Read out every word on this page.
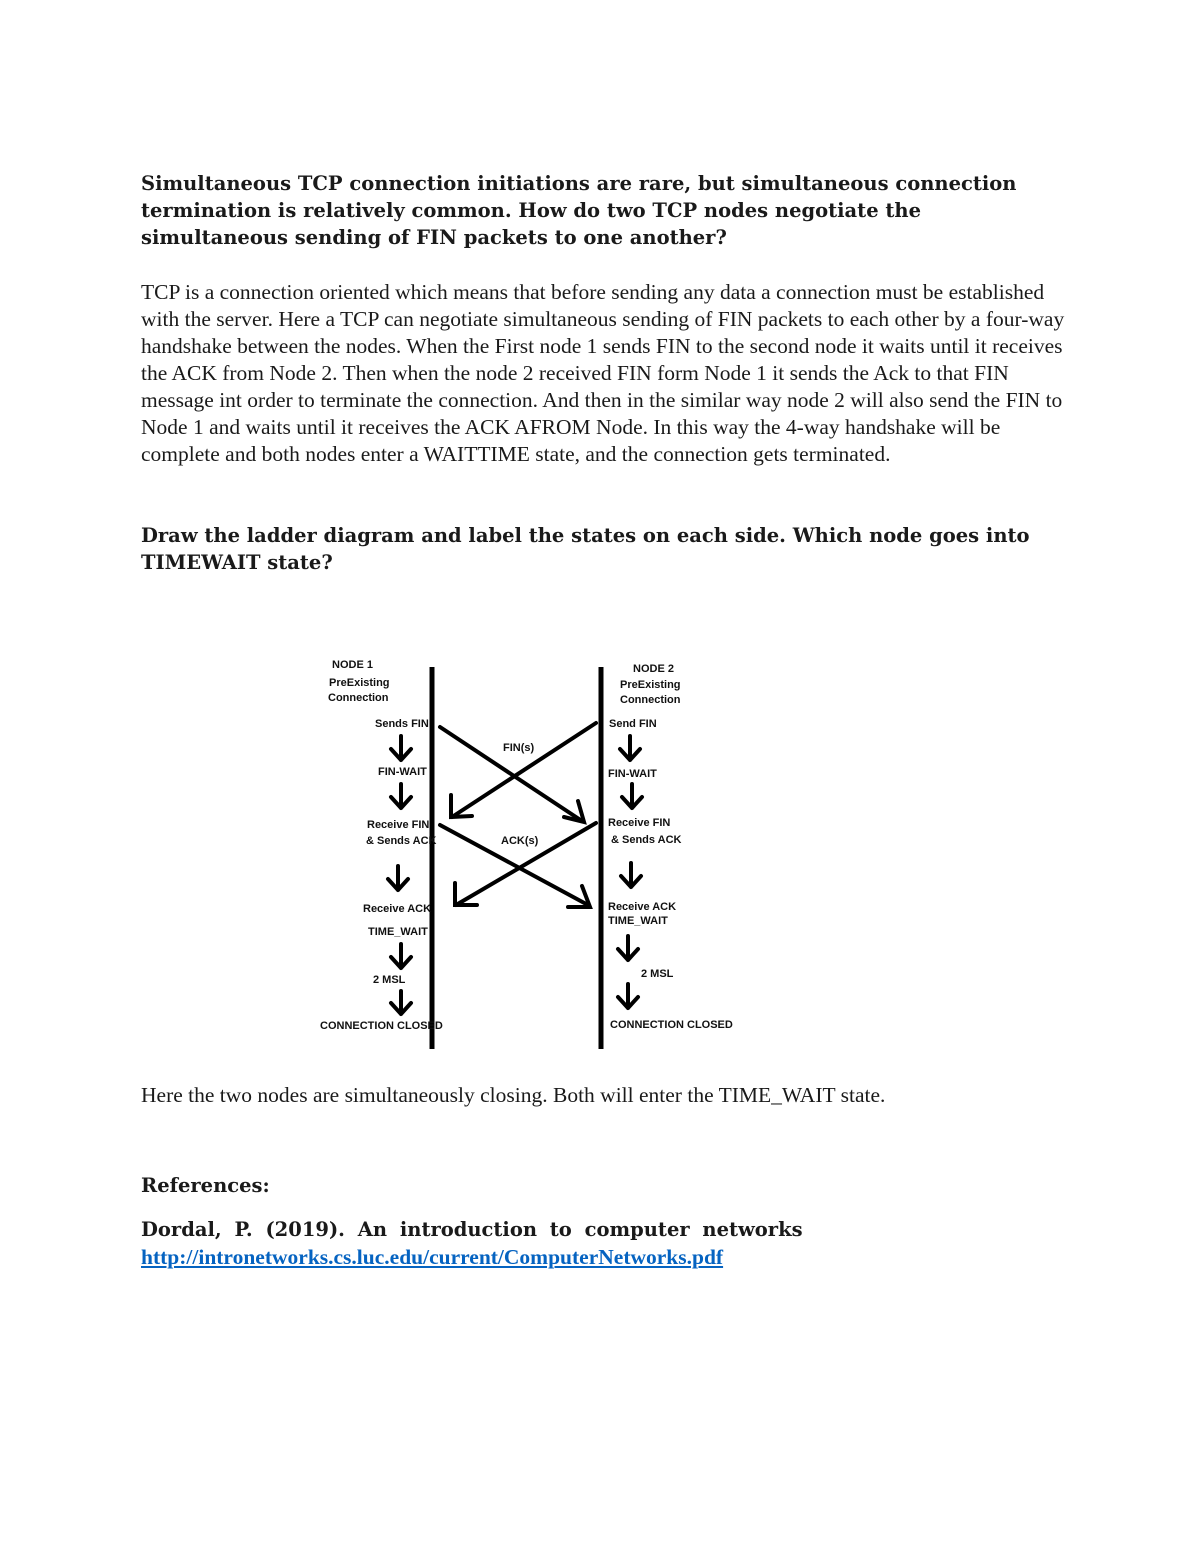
Simultaneous TCP connection initiations are rare, but simultaneous connection termination is relatively common. How do two TCP nodes negotiate the simultaneous sending of FIN packets to one another?

TCP is a connection oriented which means that before sending any data a connection must be established with the server. Here a TCP can negotiate simultaneous sending of FIN packets to each other by a four-way handshake between the nodes. When the First node 1 sends FIN to the second node it waits until it receives the ACK from Node 2. Then when the node 2 received FIN form Node 1 it sends the Ack to that FIN message int order to terminate the connection. And then in the similar way node 2 will also send the FIN to Node 1 and waits until it receives the ACK AFROM Node. In this way the 4-way handshake will be complete and both nodes enter a WAITTIME state, and the connection gets terminated.

Draw the ladder diagram and label the states on each side. Which node goes into TIMEWAIT state?

NODE 1
PreExisting
Connection
Sends FIN
FIN-WAIT
Receive FIN
& Sends ACK
Receive ACK
TIME_WAIT
2 MSL
CONNECTION CLOSED
NODE 2
PreExisting
Connection
Send FIN
FIN-WAIT
Receive FIN
& Sends ACK
Receive ACK
TIME_WAIT
2 MSL
CONNECTION CLOSED
FIN(s)
ACK(s)

Here the two nodes are simultaneously closing. Both will enter the TIME_WAIT state.

References:

Dordal, P. (2019). An introduction to computer networks

http://intronetworks.cs.luc.edu/current/ComputerNetworks.pdf
